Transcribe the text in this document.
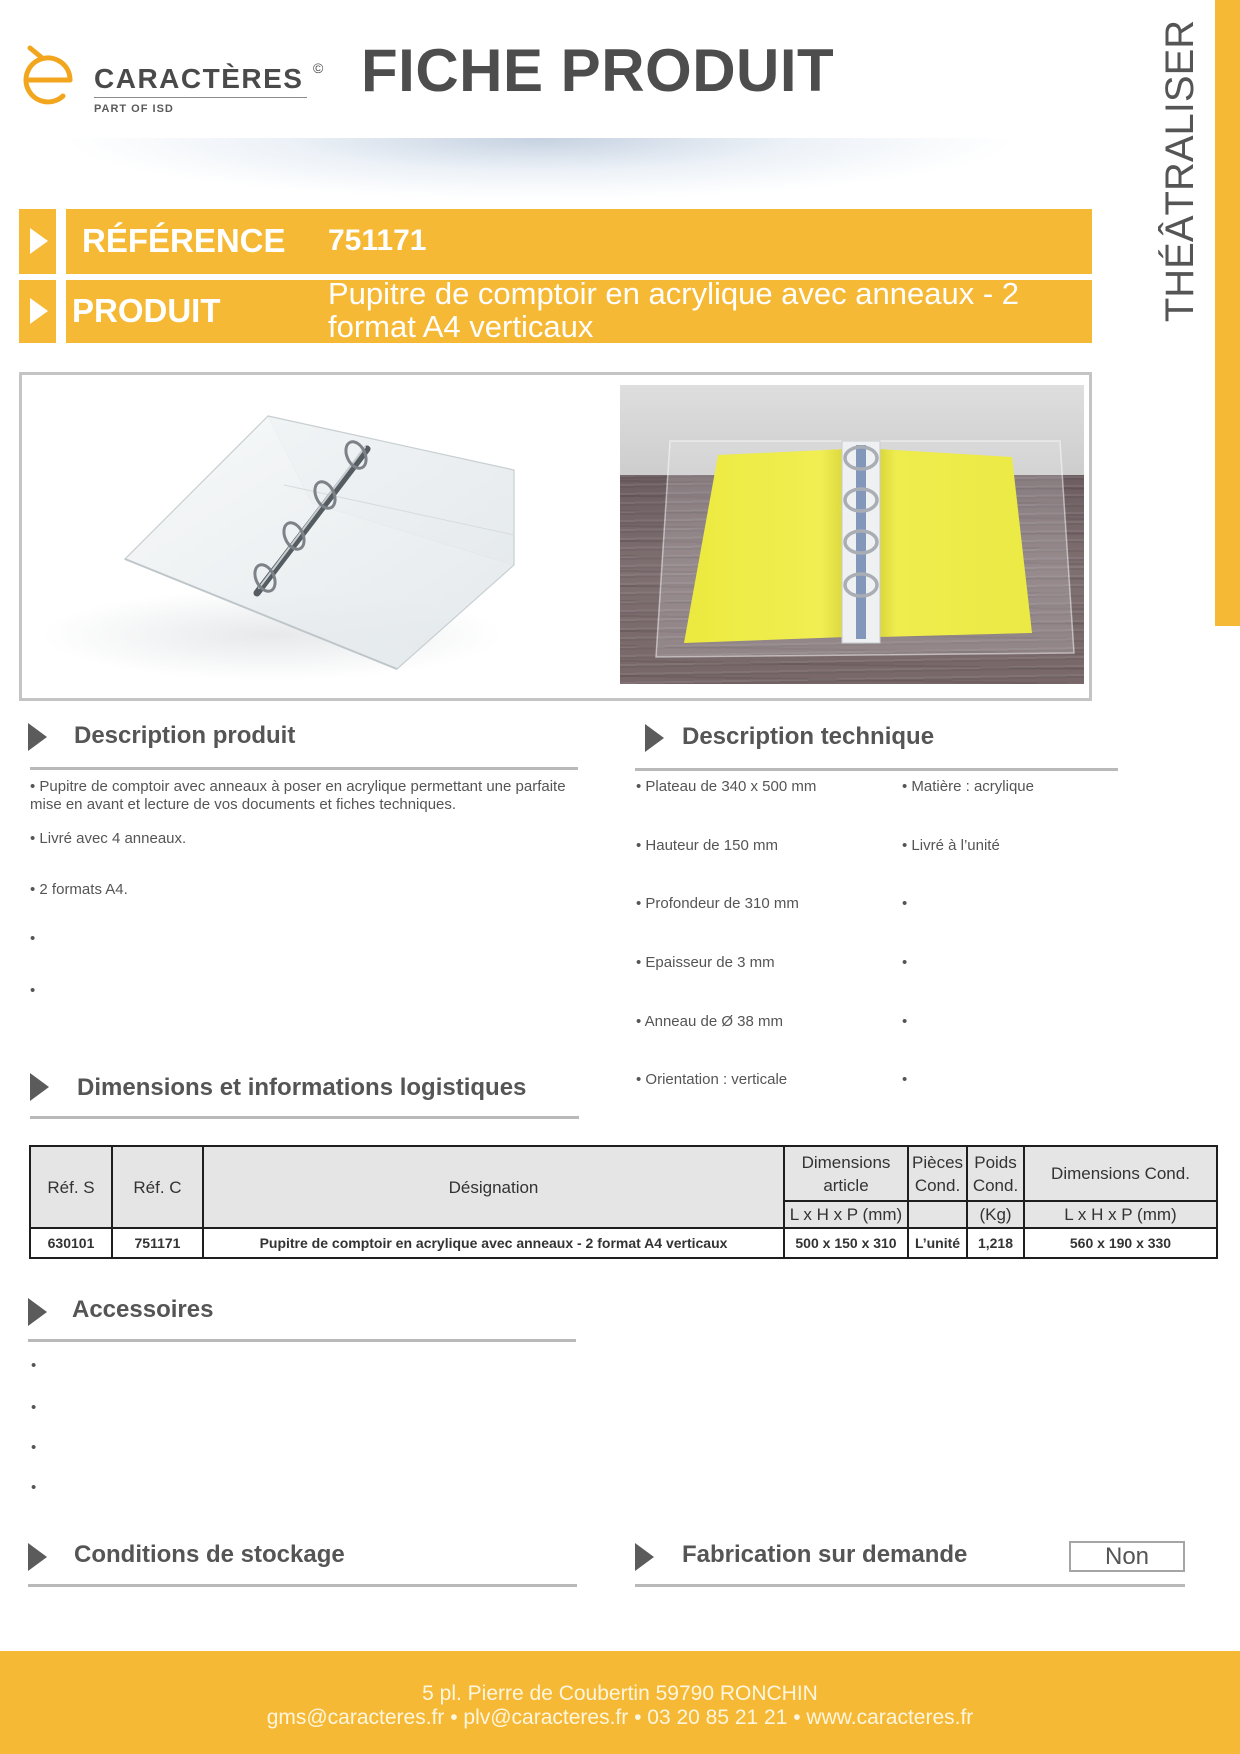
CARACTÈRES ©
PART OF ISD
FICHE PRODUIT	THÉÂTRALISER
RÉFÉRENCE 751171
PRODUIT	Pupitre de comptoir en acrylique avec anneaux - 2 format A4 verticaux
Description produit
• Pupitre de comptoir avec anneaux à poser en acrylique permettant une parfaite mise en avant et lecture de vos documents et fiches techniques.
• Livré avec 4 anneaux.
• 2 formats A4.
•
•
Description technique
• Plateau de 340 x 500 mm
• Hauteur de 150 mm
• Profondeur de 310 mm
• Epaisseur de 3 mm
• Anneau de Ø 38 mm
• Orientation : verticale
• Matière : acrylique
• Livré à l’unité
•
•
•
•
Dimensions et informations logistiques
Réf. S	Réf. C	Désignation	Dimensions article	Pièces Cond.	Poids Cond.	Dimensions Cond.
			L x H x P (mm)		(Kg)	L x H x P (mm)
630101	751171	Pupitre de comptoir en acrylique avec anneaux - 2 format A4 verticaux	500 x 150 x 310	L’unité	1,218	560 x 190 x 330
Accessoires
•
•
•
•
Conditions de stockage	Fabrication sur demande	Non
5 pl. Pierre de Coubertin 59790 RONCHIN
gms@caracteres.fr • plv@caracteres.fr • 03 20 85 21 21 • www.caracteres.fr
